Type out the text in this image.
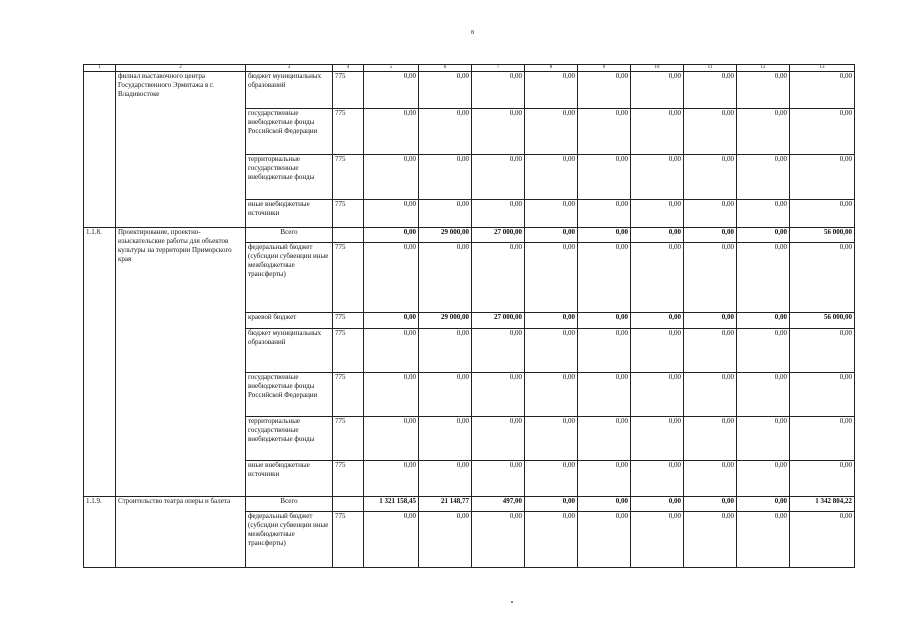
8
1	2	3	4	5	6	7	8	9	10	11	12	13
	филиал выставочного центра Государственного Эрмитажа в г. Владивостоке	бюджет муниципальных образований	775	0,00	0,00	0,00	0,00	0,00	0,00	0,00	0,00	0,00
		государственные внебюджетные фонды Российской Федерации	775	0,00	0,00	0,00	0,00	0,00	0,00	0,00	0,00	0,00
		территориальные государственные внебюджетные фонды	775	0,00	0,00	0,00	0,00	0,00	0,00	0,00	0,00	0,00
		иные внебюджетные источники	775	0,00	0,00	0,00	0,00	0,00	0,00	0,00	0,00	0,00
1.1.8.	Проектирование, проектно-изыскательские работы для объектов культуры на территории Приморского края	Всего		0,00	29 000,00	27 000,00	0,00	0,00	0,00	0,00	0,00	56 000,00
		федеральный бюджет (субсидии субвенции иные межбюджетные трансферты)	775	0,00	0,00	0,00	0,00	0,00	0,00	0,00	0,00	0,00
		краевой бюджет	775	0,00	29 000,00	27 000,00	0,00	0,00	0,00	0,00	0,00	56 000,00
		бюджет муниципальных образований	775	0,00	0,00	0,00	0,00	0,00	0,00	0,00	0,00	0,00
		государственные внебюджетные фонды Российской Федерации	775	0,00	0,00	0,00	0,00	0,00	0,00	0,00	0,00	0,00
		территориальные государственные внебюджетные фонды	775	0,00	0,00	0,00	0,00	0,00	0,00	0,00	0,00	0,00
		иные внебюджетные источники	775	0,00	0,00	0,00	0,00	0,00	0,00	0,00	0,00	0,00
1.1.9.	Строительство театра оперы и балета	Всего		1 321 158,45	21 148,77	497,00	0,00	0,00	0,00	0,00	0,00	1 342 804,22
		федеральный бюджет (субсидии субвенции иные межбюджетные трансферты)	775	0,00	0,00	0,00	0,00	0,00	0,00	0,00	0,00	0,00
